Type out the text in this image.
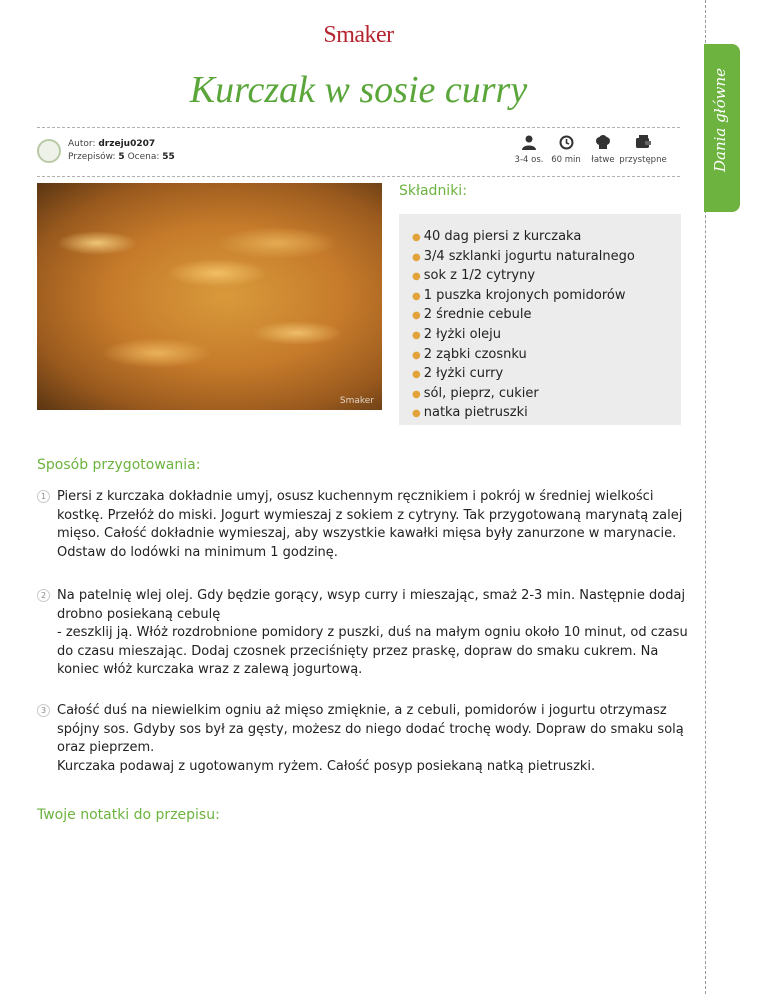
Dania główne
Smaker
Kurczak w sosie curry
Autor: drzeju0207
Przepisów: 5 Ocena: 55	3-4 os. 60 min łatwe przystępne
Smaker
Składniki:
● 40 dag piersi z kurczaka
● 3/4 szklanki jogurtu naturalnego
● sok z 1/2 cytryny
● 1 puszka krojonych pomidorów
● 2 średnie cebule
● 2 łyżki oleju
● 2 ząbki czosnku
● 2 łyżki curry
● sól, pieprz, cukier
● natka pietruszki
Sposób przygotowania:
1 Piersi z kurczaka dokładnie umyj, osusz kuchennym ręcznikiem i pokrój w średniej wielkości kostkę. Przełóż do miski. Jogurt wymieszaj z sokiem z cytryny. Tak przygotowaną marynatą zalej mięso. Całość dokładnie wymieszaj, aby wszystkie kawałki mięsa były zanurzone w marynacie. Odstaw do lodówki na minimum 1 godzinę.

2 Na patelnię wlej olej. Gdy będzie gorący, wsyp curry i mieszając, smaż 2-3 min. Następnie dodaj drobno posiekaną cebulę

- zeszklij ją. Włóż rozdrobnione pomidory z puszki, duś na małym ogniu około 10 minut, od czasu do czasu mieszając. Dodaj czosnek przeciśnięty przez praskę, dopraw do smaku cukrem. Na koniec włóż kurczaka wraz z zalewą jogurtową.

3 Całość duś na niewielkim ogniu aż mięso zmięknie, a z cebuli, pomidorów i jogurtu otrzymasz spójny sos. Gdyby sos był za gęsty, możesz do niego dodać trochę wody. Dopraw do smaku solą oraz pieprzem.

Kurczaka podawaj z ugotowanym ryżem. Całość posyp posiekaną natką pietruszki.

Twoje notatki do przepisu:
